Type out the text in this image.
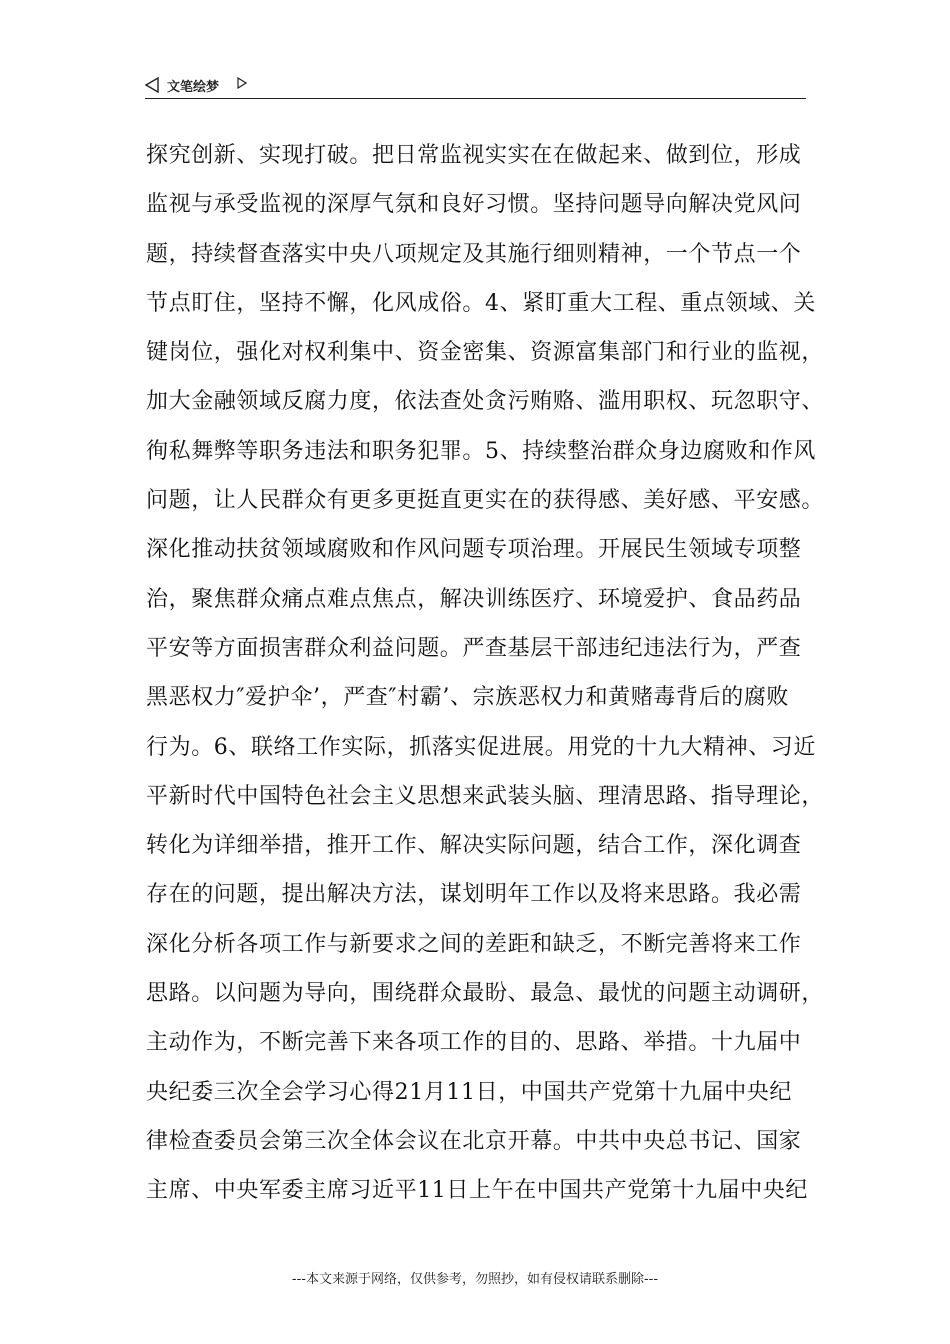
文笔绘梦
探究创新、实现打破。把日常监视实实在在做起来、做到位，形成
监视与承受监视的深厚气氛和良好习惯。坚持问题导向解决党风问
题，持续督查落实中央八项规定及其施行细则精神，一个节点一个
节点盯住，坚持不懈，化风成俗。4、紧盯重大工程、重点领域、关
键岗位，强化对权利集中、资金密集、资源富集部门和行业的监视，
加大金融领域反腐力度，依法查处贪污贿赂、滥用职权、玩忽职守、
徇私舞弊等职务违法和职务犯罪。5、持续整治群众身边腐败和作风
问题，让人民群众有更多更挺直更实在的获得感、美好感、平安感。
深化推动扶贫领域腐败和作风问题专项治理。开展民生领域专项整
治，聚焦群众痛点难点焦点，解决训练医疗、环境爱护、食品药品
平安等方面损害群众利益问题。严查基层干部违纪违法行为，严查
黑恶权力″爱护伞’，严查″村霸’、宗族恶权力和黄赌毒背后的腐败
行为。6、联络工作实际，抓落实促进展。用党的十九大精神、习近
平新时代中国特色社会主义思想来武装头脑、理清思路、指导理论，
转化为详细举措，推开工作、解决实际问题，结合工作，深化调查
存在的问题，提出解决方法，谋划明年工作以及将来思路。我必需
深化分析各项工作与新要求之间的差距和缺乏，不断完善将来工作
思路。以问题为导向，围绕群众最盼、最急、最忧的问题主动调研，
主动作为，不断完善下来各项工作的目的、思路、举措。十九届中
央纪委三次全会学习心得21月11日，中国共产党第十九届中央纪
律检查委员会第三次全体会议在北京开幕。中共中央总书记、国家
主席、中央军委主席习近平11日上午在中国共产党第十九届中央纪
---本文来源于网络，仅供参考，勿照抄，如有侵权请联系删除---
